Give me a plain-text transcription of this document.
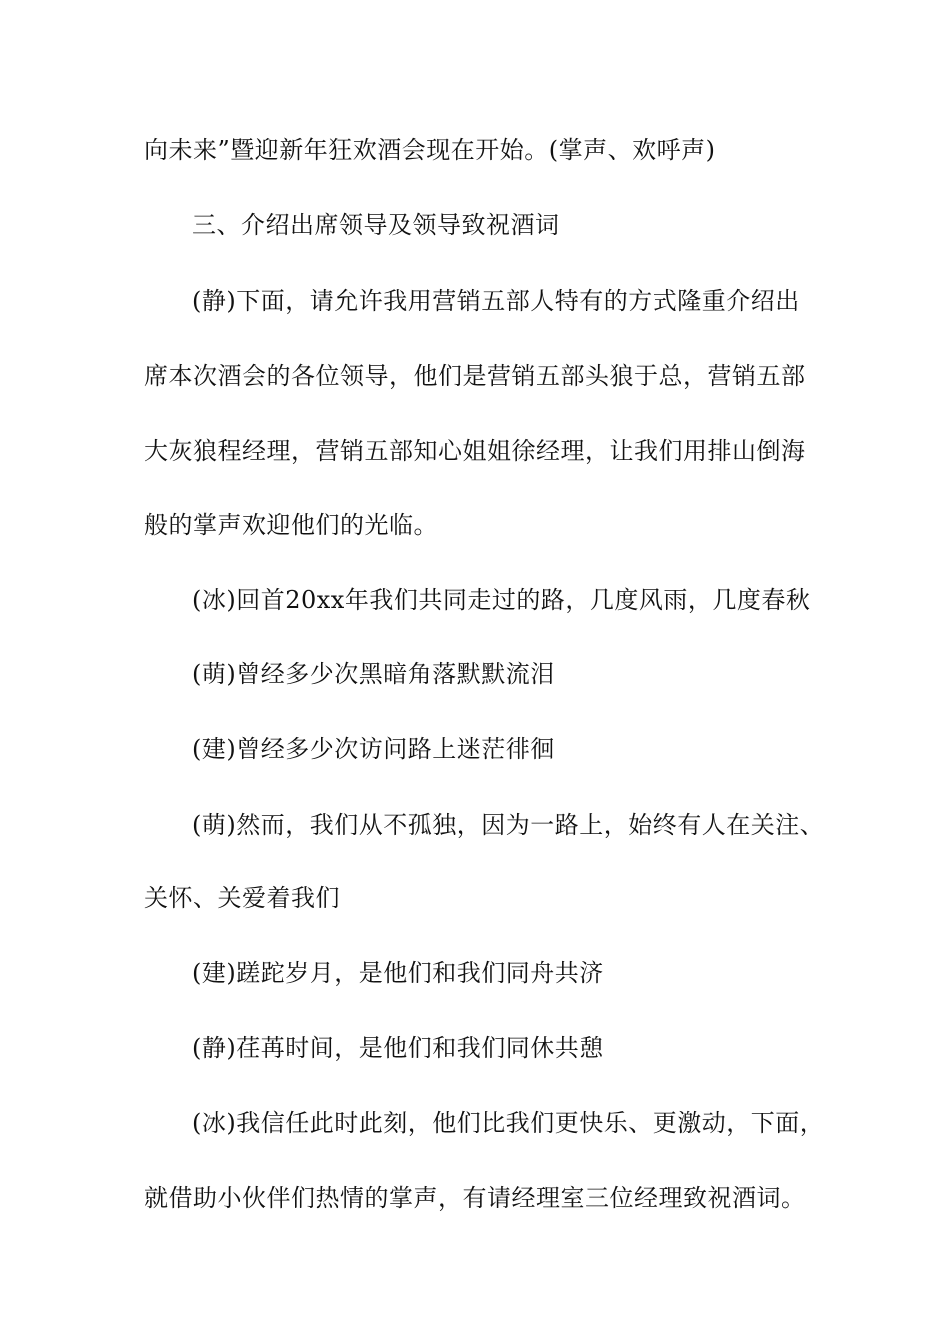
向未来”暨迎新年狂欢酒会现在开始。(掌声、欢呼声)
三、介绍出席领导及领导致祝酒词
(静)下面，请允许我用营销五部人特有的方式隆重介绍出
席本次酒会的各位领导，他们是营销五部头狼于总，营销五部
大灰狼程经理，营销五部知心姐姐徐经理，让我们用排山倒海
般的掌声欢迎他们的光临。
(冰)回首20xx年我们共同走过的路，几度风雨，几度春秋
(萌)曾经多少次黑暗角落默默流泪
(建)曾经多少次访问路上迷茫徘徊
(萌)然而，我们从不孤独，因为一路上，始终有人在关注、
关怀、关爱着我们
(建)蹉跎岁月，是他们和我们同舟共济
(静)荏苒时间，是他们和我们同休共憩
(冰)我信任此时此刻，他们比我们更快乐、更激动，下面，
就借助小伙伴们热情的掌声，有请经理室三位经理致祝酒词。
